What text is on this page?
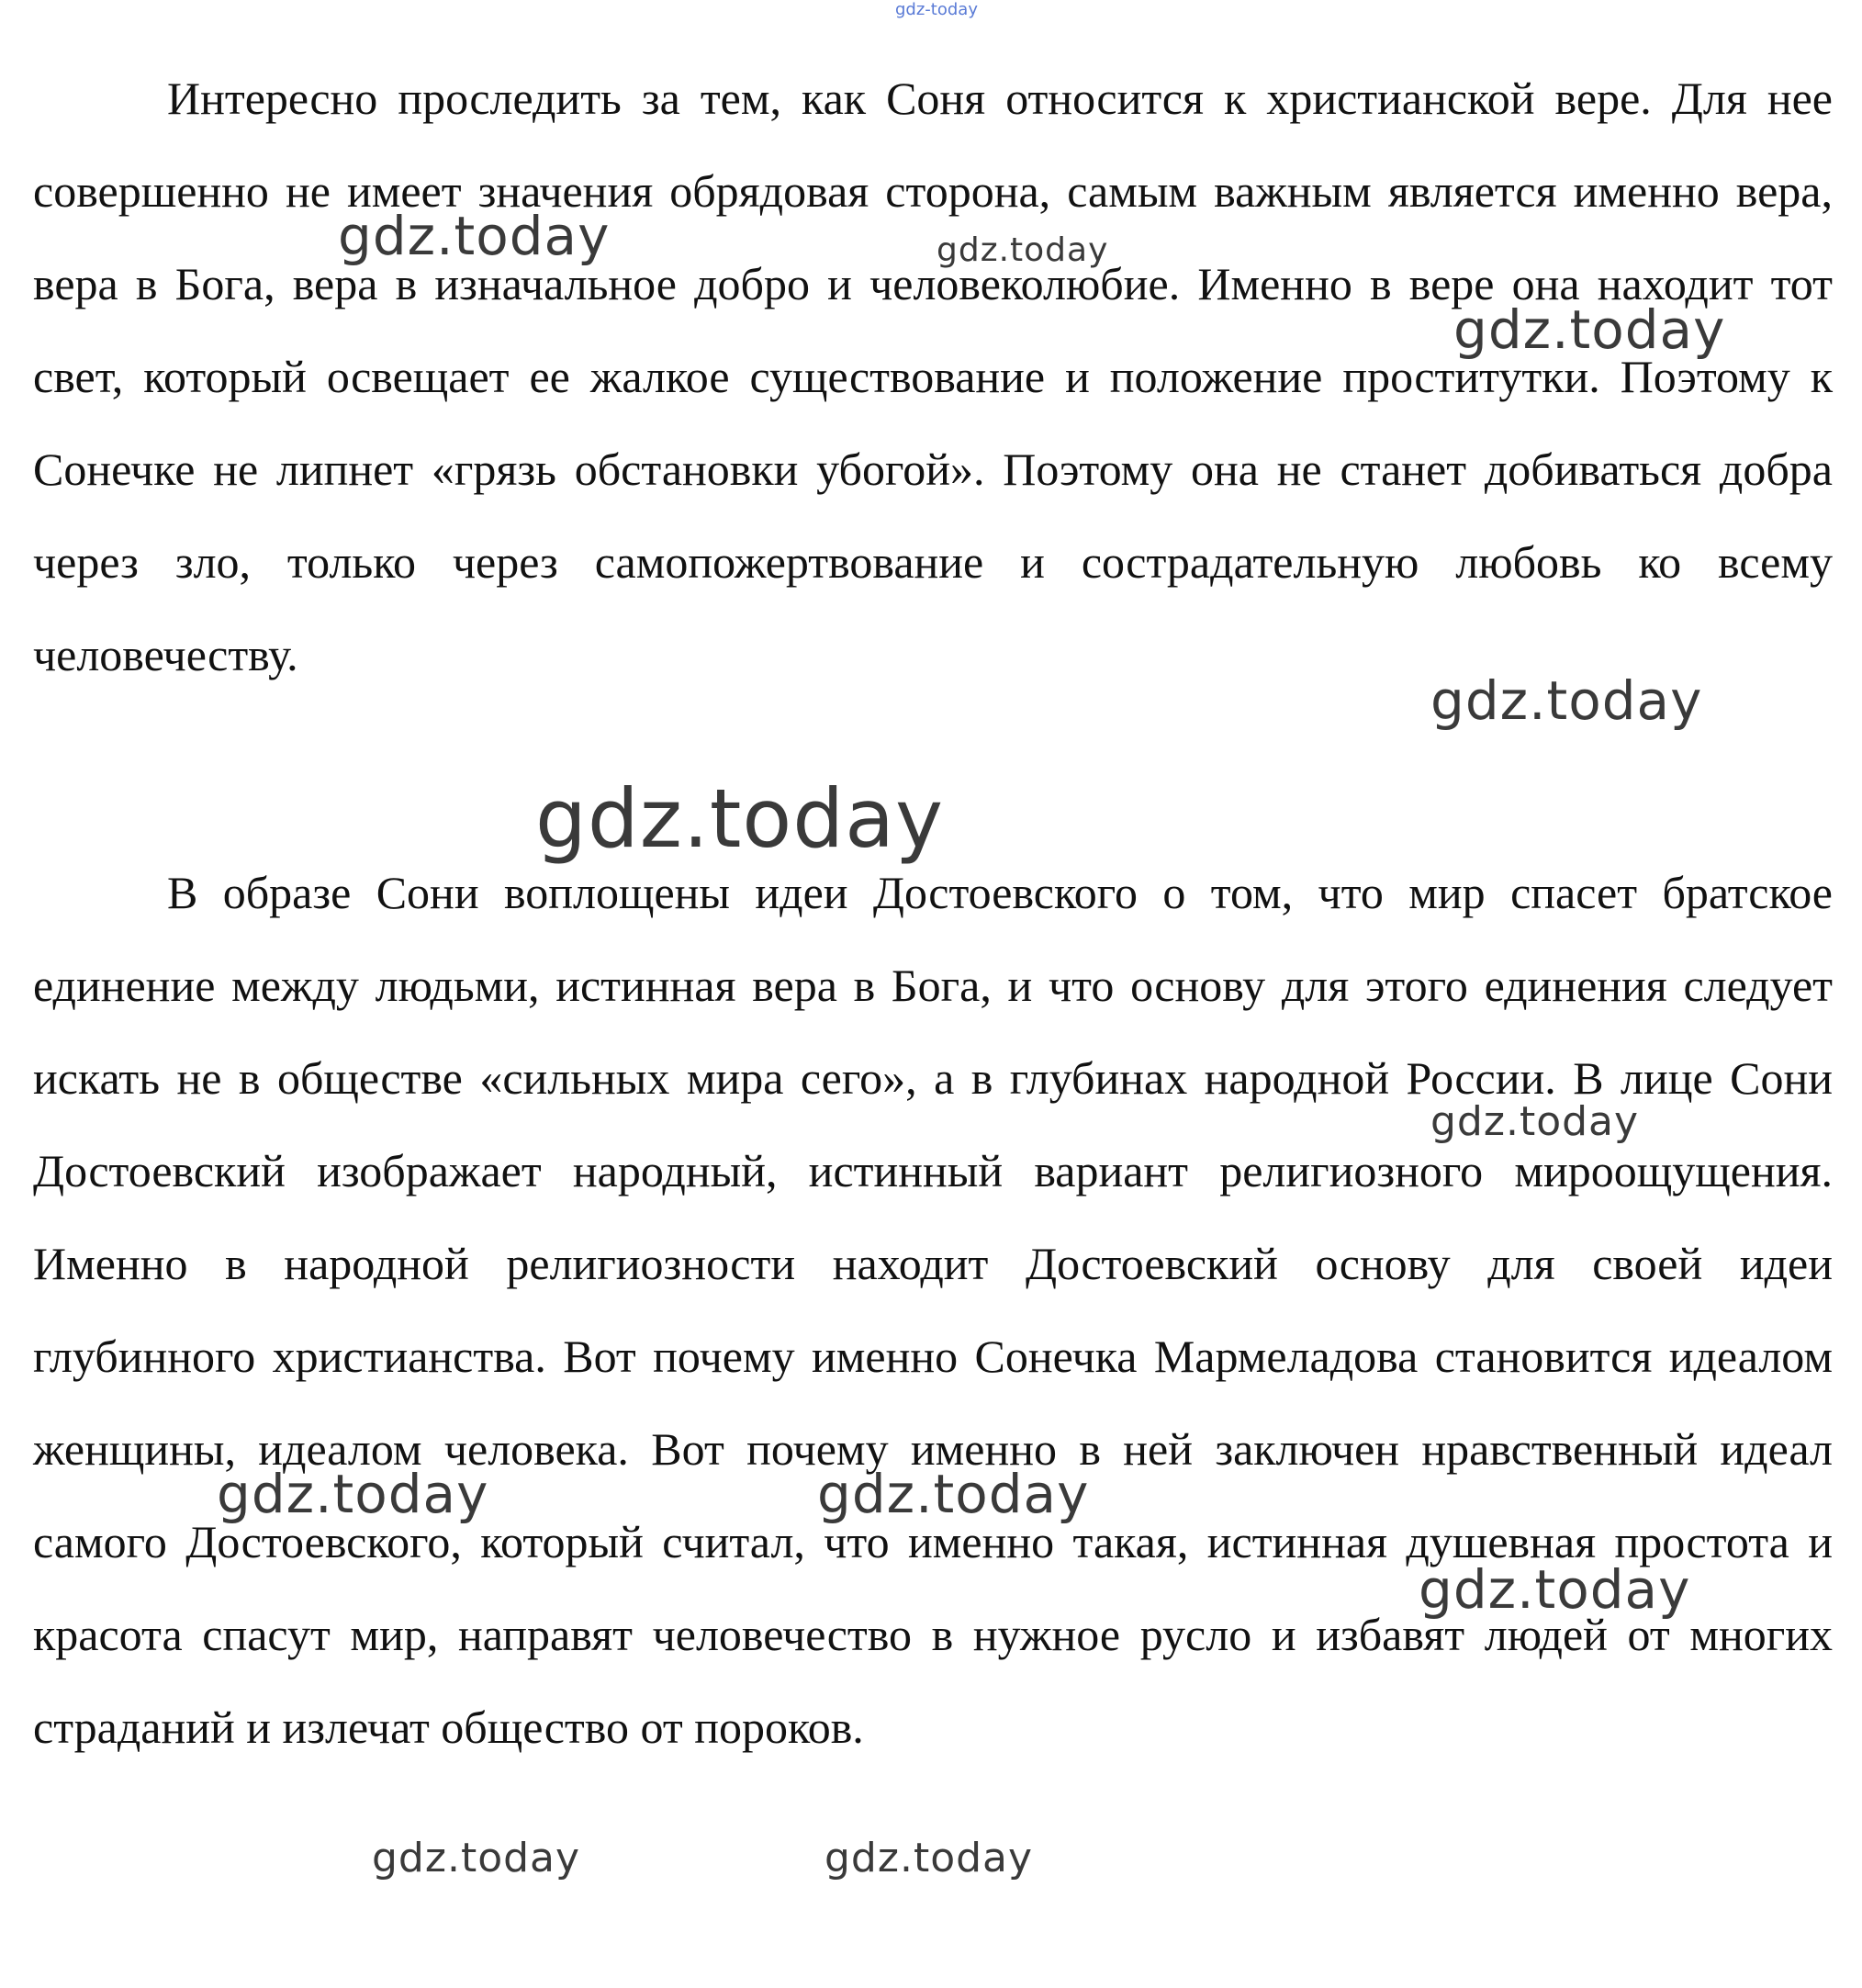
Интересно проследить за тем, как Соня относится к христианской вере. Для нее совершенно не имеет значения обрядовая сторона, самым важным является именно вера, вера в Бога, вера в изначальное добро и человеколюбие. Именно в вере она находит тот свет, который освещает ее жалкое существование и положение проститутки. Поэтому к Сонечке не липнет «грязь обстановки убогой». Поэтому она не станет добиваться добра через зло, только через самопожертвование и сострадательную любовь ко всему человечеству.

В образе Сони воплощены идеи Достоевского о том, что мир спасет братское единение между людьми, истинная вера в Бога, и что основу для этого единения следует искать не в обществе «сильных мира сего», а в глубинах народной России. В лице Сони Достоевский изображает народный, истинный вариант религиозного мироощущения. Именно в народной религиозности находит Достоевский основу для своей идеи глубинного христианства. Вот почему именно Сонечка Мармеладова становится идеалом женщины, идеалом человека. Вот почему именно в ней заключен нравственный идеал самого Достоевского, который считал, что именно такая, истинная душевная простота и красота спасут мир, направят человечество в нужное русло и избавят людей от многих страданий и излечат общество от пороков.

gdz-today
gdz.today	gdz.today
gdz.today
gdz.today
gdz.today
gdz.today
gdz.today	gdz.today
gdz.today
gdz.today	gdz.today
